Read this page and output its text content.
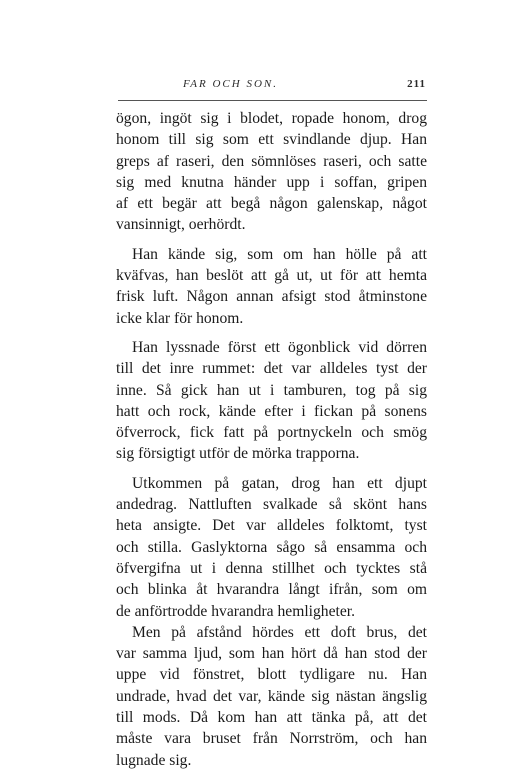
FAR OCH SON.	211
ögon, ingöt sig i blodet, ropade honom, drog
honom till sig som ett svindlande djup. Han
greps af raseri, den sömnlöses raseri, och satte
sig med knutna händer upp i soffan, gripen
af ett begär att begå någon galenskap, något
vansinnigt, oerhördt.
Han kände sig, som om han hölle på att
kväfvas, han beslöt att gå ut, ut för att hemta
frisk luft. Någon annan afsigt stod åtminstone
icke klar för honom.
Han lyssnade först ett ögonblick vid dörren
till det inre rummet: det var alldeles tyst der
inne. Så gick han ut i tamburen, tog på sig
hatt och rock, kände efter i fickan på sonens
öfverrock, fick fatt på portnyckeln och smög
sig försigtigt utför de mörka trapporna.
Utkommen på gatan, drog han ett djupt
andedrag. Nattluften svalkade så skönt hans
heta ansigte. Det var alldeles folktomt, tyst
och stilla. Gaslyktorna sågo så ensamma och
öfvergifna ut i denna stillhet och tycktes stå
och blinka åt hvarandra långt ifrån, som om
de anförtrodde hvarandra hemligheter.
Men på afstånd hördes ett doft brus, det
var samma ljud, som han hört då han stod der
uppe vid fönstret, blott tydligare nu. Han
undrade, hvad det var, kände sig nästan ängslig
till mods. Då kom han att tänka på, att det
måste vara bruset från Norrström, och han
lugnade sig.
